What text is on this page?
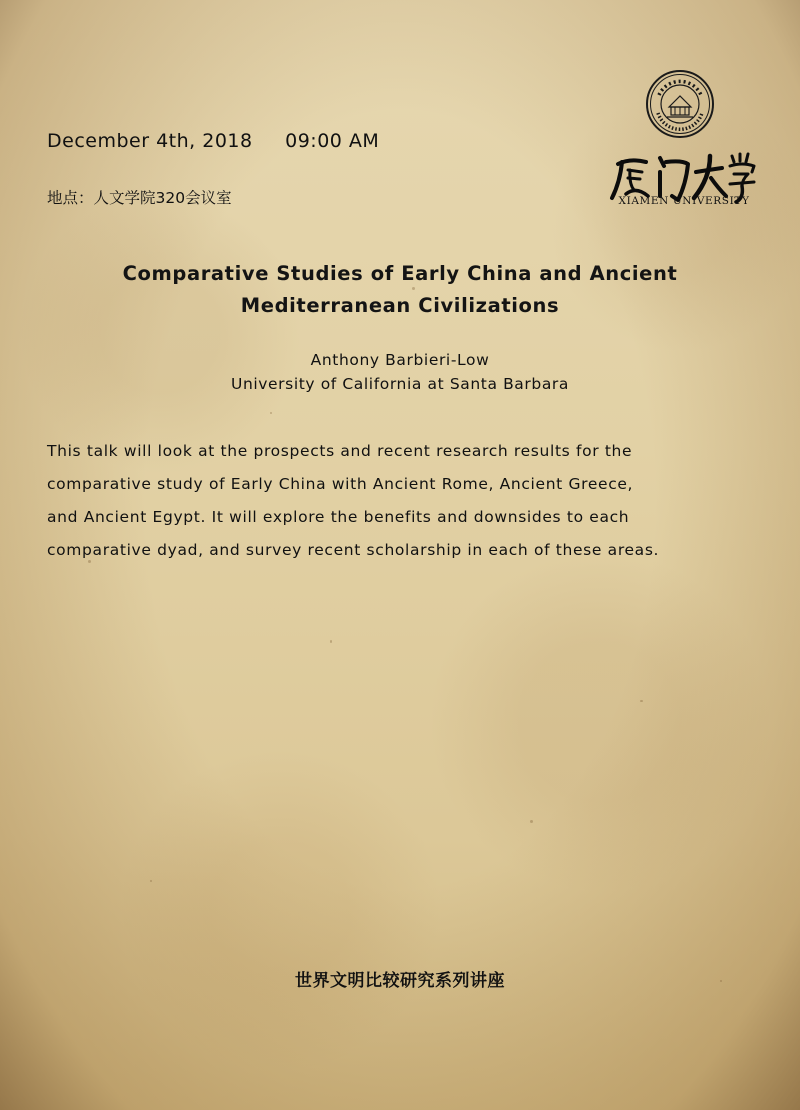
December 4th, 2018 09:00 AM
地点：人文学院320会议室	XIAMEN UNIVERSITY
Comparative Studies of Early China and Ancient
Mediterranean Civilizations
Anthony Barbieri-Low
University of California at Santa Barbara

This talk will look at the prospects and recent research results for the

comparative study of Early China with Ancient Rome, Ancient Greece,

and Ancient Egypt. It will explore the benefits and downsides to each

comparative dyad, and survey recent scholarship in each of these areas.

世界文明比较研究系列讲座
